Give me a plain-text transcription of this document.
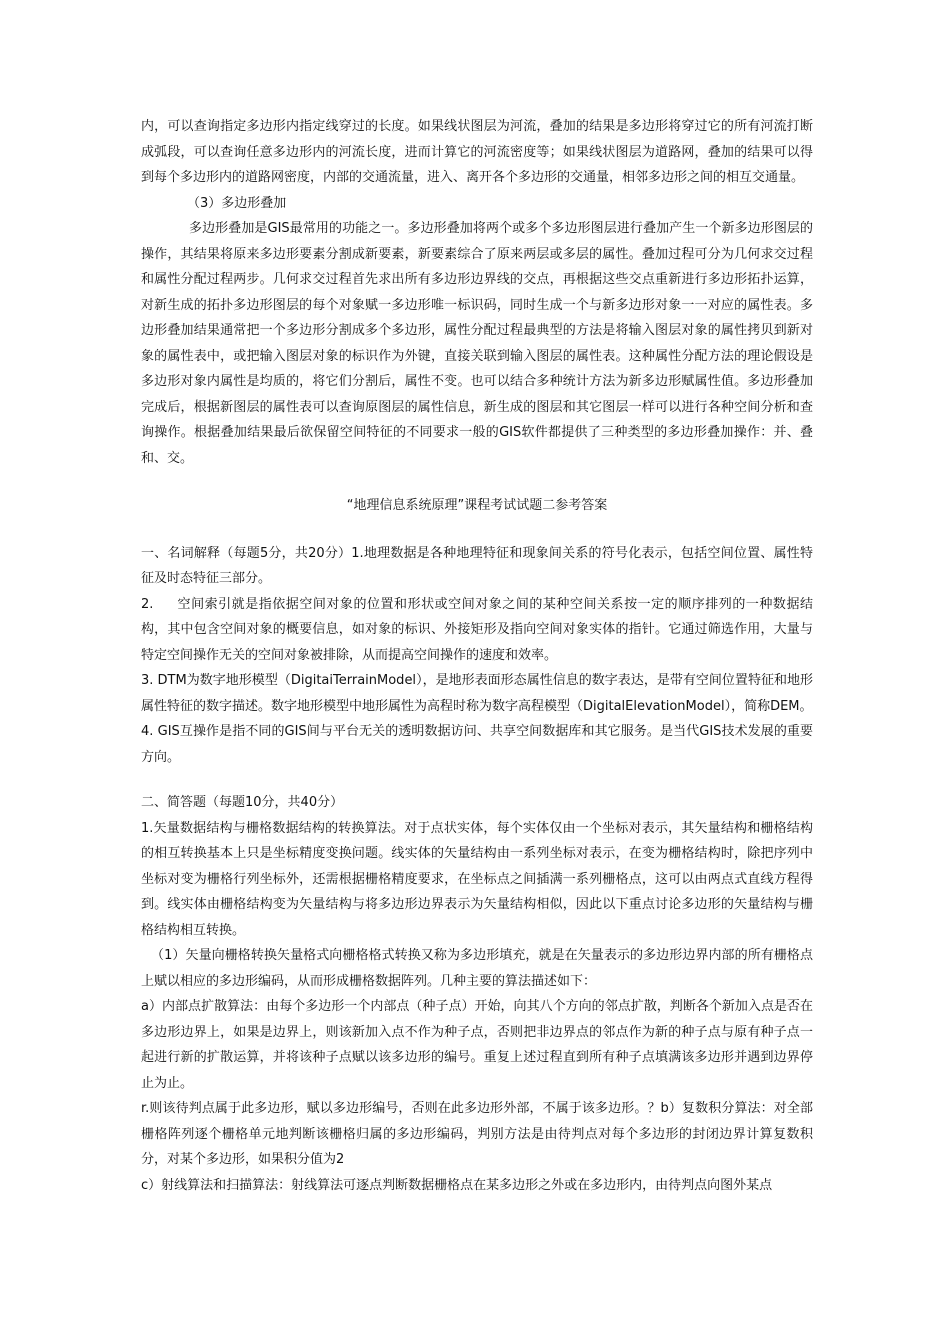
内，可以查询指定多边形内指定线穿过的长度。如果线状图层为河流，叠加的结果是多边形将穿过它的所有河流打断成弧段，可以查询任意多边形内的河流长度，进而计算它的河流密度等；如果线状图层为道路网，叠加的结果可以得到每个多边形内的道路网密度，内部的交通流量，进入、离开各个多边形的交通量，相邻多边形之间的相互交通量。

（3）多边形叠加

多边形叠加是GIS最常用的功能之一。多边形叠加将两个或多个多边形图层进行叠加产生一个新多边形图层的操作，其结果将原来多边形要素分割成新要素，新要素综合了原来两层或多层的属性。叠加过程可分为几何求交过程和属性分配过程两步。几何求交过程首先求出所有多边形边界线的交点，再根据这些交点重新进行多边形拓扑运算，对新生成的拓扑多边形图层的每个对象赋一多边形唯一标识码，同时生成一个与新多边形对象一一对应的属性表。多边形叠加结果通常把一个多边形分割成多个多边形，属性分配过程最典型的方法是将输入图层对象的属性拷贝到新对象的属性表中，或把输入图层对象的标识作为外键，直接关联到输入图层的属性表。这种属性分配方法的理论假设是多边形对象内属性是均质的，将它们分割后，属性不变。也可以结合多种统计方法为新多边形赋属性值。多边形叠加完成后，根据新图层的属性表可以查询原图层的属性信息，新生成的图层和其它图层一样可以进行各种空间分析和查询操作。根据叠加结果最后欲保留空间特征的不同要求一般的GIS软件都提供了三种类型的多边形叠加操作：并、叠和、交。

“地理信息系统原理”课程考试试题二参考答案

一、名词解释（每题5分，共20分）1.地理数据是各种地理特征和现象间关系的符号化表示，包括空间位置、属性特征及时态特征三部分。

2. 空间索引就是指依据空间对象的位置和形状或空间对象之间的某种空间关系按一定的顺序排列的一种数据结构，其中包含空间对象的概要信息，如对象的标识、外接矩形及指向空间对象实体的指针。它通过筛选作用，大量与特定空间操作无关的空间对象被排除，从而提高空间操作的速度和效率。

3. DTM为数字地形模型（DigitaiTerrainModel），是地形表面形态属性信息的数字表达，是带有空间位置特征和地形属性特征的数字描述。数字地形模型中地形属性为高程时称为数字高程模型（DigitalElevationModel），简称DEM。

4. GIS互操作是指不同的GIS间与平台无关的透明数据访问、共享空间数据库和其它服务。是当代GIS技术发展的重要方向。

二、简答题（每题10分，共40分）

1.矢量数据结构与栅格数据结构的转换算法。对于点状实体，每个实体仅由一个坐标对表示，其矢量结构和栅格结构的相互转换基本上只是坐标精度变换问题。线实体的矢量结构由一系列坐标对表示，在变为栅格结构时，除把序列中坐标对变为栅格行列坐标外，还需根据栅格精度要求，在坐标点之间插满一系列栅格点，这可以由两点式直线方程得到。线实体由栅格结构变为矢量结构与将多边形边界表示为矢量结构相似，因此以下重点讨论多边形的矢量结构与栅格结构相互转换。

（1）矢量向栅格转换矢量格式向栅格格式转换又称为多边形填充，就是在矢量表示的多边形边界内部的所有栅格点上赋以相应的多边形编码，从而形成栅格数据阵列。几种主要的算法描述如下：

a）内部点扩散算法：由每个多边形一个内部点（种子点）开始，向其八个方向的邻点扩散，判断各个新加入点是否在多边形边界上，如果是边界上，则该新加入点不作为种子点，否则把非边界点的邻点作为新的种子点与原有种子点一起进行新的扩散运算，并将该种子点赋以该多边形的编号。重复上述过程直到所有种子点填满该多边形并遇到边界停止为止。

r.则该待判点属于此多边形，赋以多边形编号，否则在此多边形外部，不属于该多边形。？b）复数积分算法：对全部栅格阵列逐个栅格单元地判断该栅格归属的多边形编码，判别方法是由待判点对每个多边形的封闭边界计算复数积分，对某个多边形，如果积分值为2

c）射线算法和扫描算法：射线算法可逐点判断数据栅格点在某多边形之外或在多边形内，由待判点向图外某点
